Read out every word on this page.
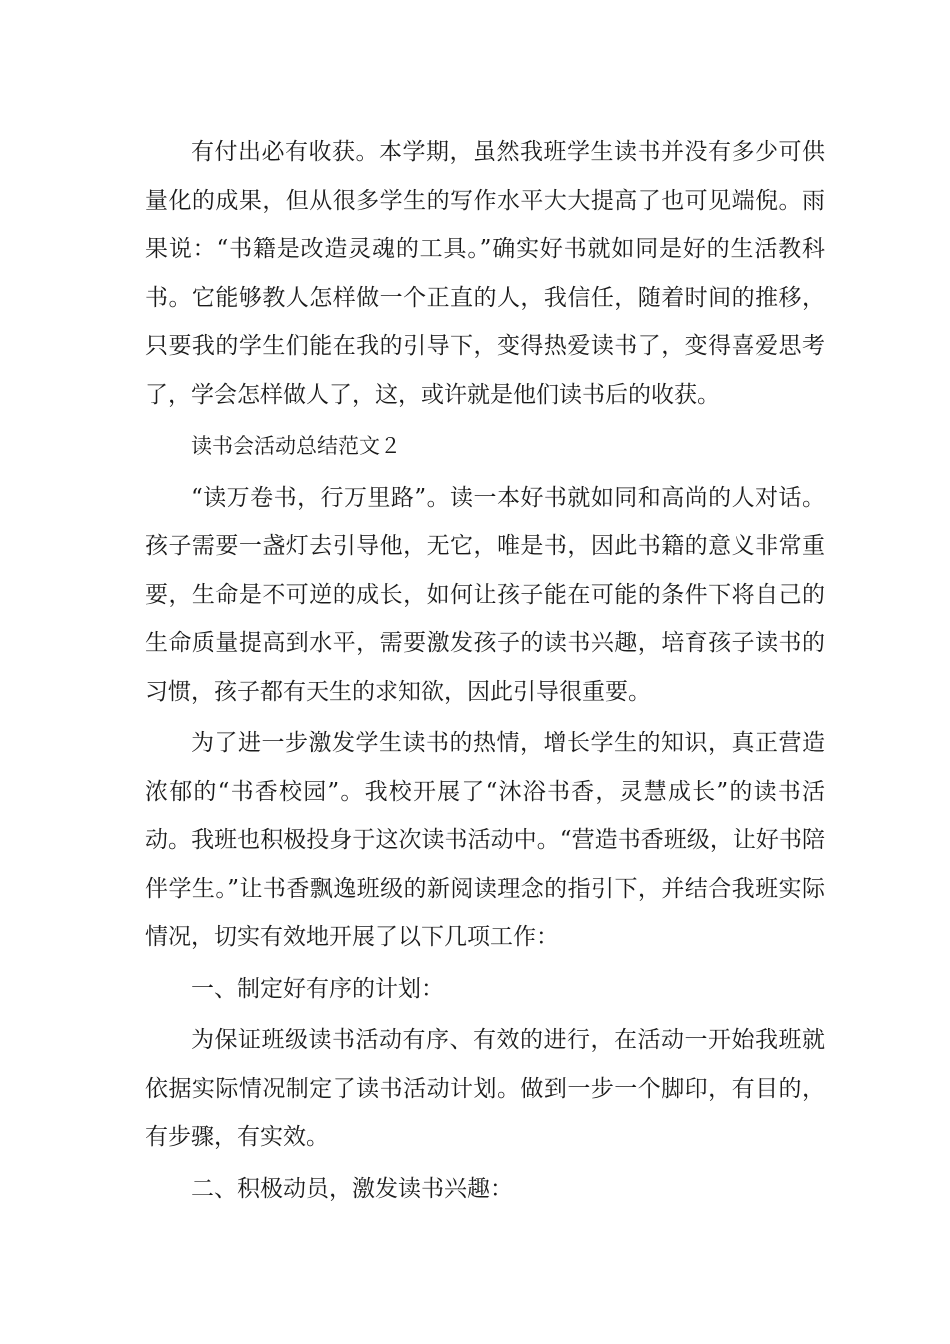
有付出必有收获。本学期，虽然我班学生读书并没有多少可供量化的成果，但从很多学生的写作水平大大提高了也可见端倪。雨果说：“书籍是改造灵魂的工具。”确实好书就如同是好的生活教科书。它能够教人怎样做一个正直的人，我信任，随着时间的推移，只要我的学生们能在我的引导下，变得热爱读书了，变得喜爱思考了，学会怎样做人了，这，或许就是他们读书后的收获。

读书会活动总结范文２

“读万卷书，行万里路”。读一本好书就如同和高尚的人对话。孩子需要一盏灯去引导他，无它，唯是书，因此书籍的意义非常重要，生命是不可逆的成长，如何让孩子能在可能的条件下将自己的生命质量提高到水平，需要激发孩子的读书兴趣，培育孩子读书的习惯，孩子都有天生的求知欲，因此引导很重要。

为了进一步激发学生读书的热情，增长学生的知识，真正营造浓郁的“书香校园”。我校开展了“沐浴书香，灵慧成长”的读书活动。我班也积极投身于这次读书活动中。“营造书香班级，让好书陪伴学生。”让书香飘逸班级的新阅读理念的指引下，并结合我班实际情况，切实有效地开展了以下几项工作：

一、制定好有序的计划：

为保证班级读书活动有序、有效的进行，在活动一开始我班就依据实际情况制定了读书活动计划。做到一步一个脚印，有目的，有步骤，有实效。

二、积极动员，激发读书兴趣：
